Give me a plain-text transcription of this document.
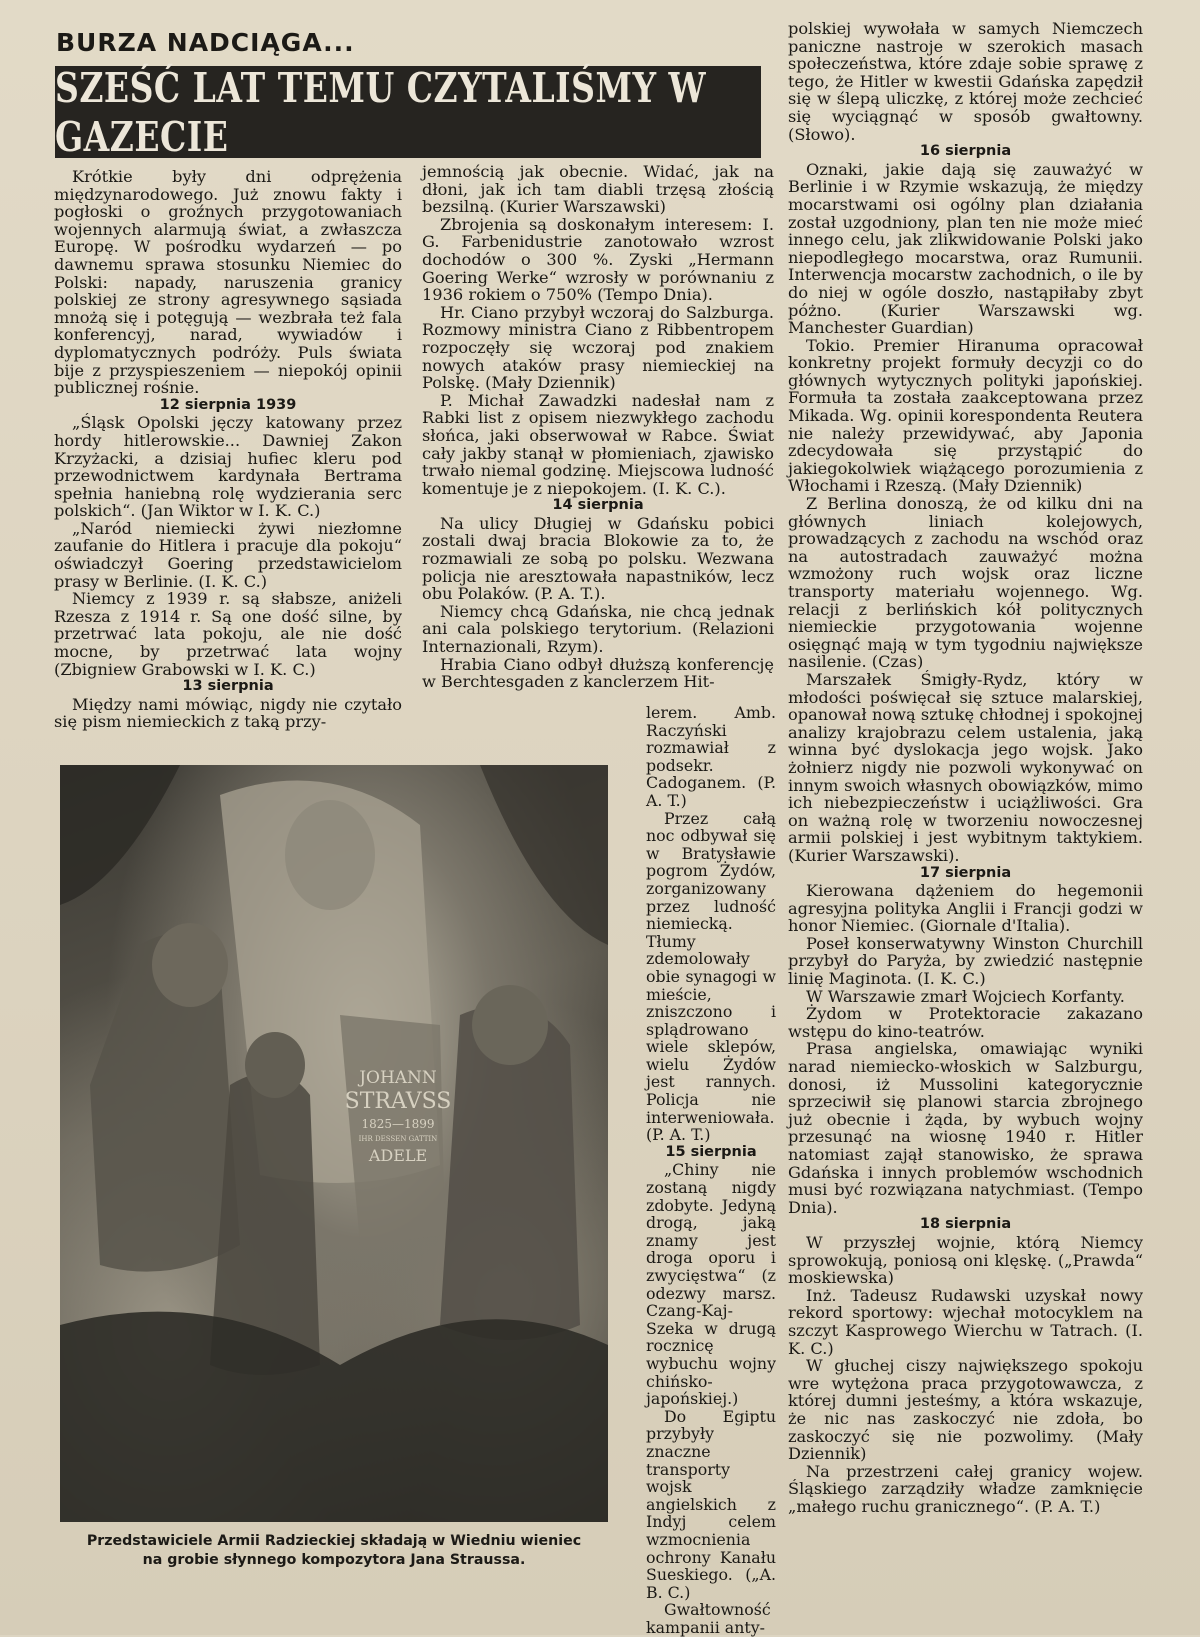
BURZA NADCIĄGA...
SZEŚĆ LAT TEMU CZYTALIŚMY W GAZECIE

Krótkie były dni odprężenia międzynarodowego. Już znowu fakty i pogłoski o groźnych przygotowaniach wojennych alarmują świat, a zwłaszcza Europę. W pośrodku wydarzeń — po dawnemu sprawa stosunku Niemiec do Polski: napady, naruszenia granicy polskiej ze strony agresywnego sąsiada mnożą się i potęgują — wezbrała też fala konferencyj, narad, wywiadów i dyplomatycznych podróży. Puls świata bije z przyspieszeniem — niepokój opinii publicznej rośnie.

12 sierpnia 1939

„Śląsk Opolski jęczy katowany przez hordy hitlerowskie... Dawniej Zakon Krzyżacki, a dzisiaj hufiec kleru pod przewodnictwem kardynała Bertrama spełnia haniebną rolę wydzierania serc polskich“. (Jan Wiktor w I. K. C.)

„Naród niemiecki żywi niezłomne zaufanie do Hitlera i pracuje dla pokoju“ oświadczył Goering przedstawicielom prasy w Berlinie. (I. K. C.)

Niemcy z 1939 r. są słabsze, aniżeli Rzesza z 1914 r. Są one dość silne, by przetrwać lata pokoju, ale nie dość mocne, by przetrwać lata wojny (Zbigniew Grabowski w I. K. C.)

13 sierpnia

Między nami mówiąc, nigdy nie czytało się pism niemieckich z taką przy-

jemnością jak obecnie. Widać, jak na dłoni, jak ich tam diabli trzęsą złością bezsilną. (Kurier Warszawski)

Zbrojenia są doskonałym interesem: I. G. Farbenidustrie zanotowało wzrost dochodów o 300 %. Zyski „Hermann Goering Werke“ wzrosły w porównaniu z 1936 rokiem o 750% (Tempo Dnia).

Hr. Ciano przybył wczoraj do Salzburga. Rozmowy ministra Ciano z Ribbentropem rozpoczęły się wczoraj pod znakiem nowych ataków prasy niemieckiej na Polskę. (Mały Dziennik)

P. Michał Zawadzki nadesłał nam z Rabki list z opisem niezwykłego zachodu słońca, jaki obserwował w Rabce. Świat cały jakby stanął w płomieniach, zjawisko trwało niemal godzinę. Miejscowa ludność komentuje je z niepokojem. (I. K. C.).

14 sierpnia

Na ulicy Długiej w Gdańsku pobici zostali dwaj bracia Blokowie za to, że rozmawiali ze sobą po polsku. Wezwana policja nie aresztowała napastników, lecz obu Polaków. (P. A. T.).

Niemcy chcą Gdańska, nie chcą jednak ani cala polskiego terytorium. (Relazioni Internazionali, Rzym).

Hrabia Ciano odbył dłuższą konferencję w Berchtesgaden z kanclerzem Hit-

lerem. Amb. Raczyński rozmawiał z podsekr. Cadoganem. (P. A. T.)

Przez całą noc odbywał się w Bratysławie pogrom Żydów, zorganizowany przez ludność niemiecką. Tłumy zdemolowały obie synagogi w mieście, zniszczono i splądrowano wiele sklepów, wielu Żydów jest rannych. Policja nie interweniowała. (P. A. T.)

15 sierpnia

„Chiny nie zostaną nigdy zdobyte. Jedyną drogą, jaką znamy jest droga oporu i zwycięstwa“ (z odezwy marsz. Czang-Kaj-Szeka w drugą rocznicę wybuchu wojny chińsko-japońskiej.)

Do Egiptu przybyły znaczne transporty wojsk angielskich z Indyj celem wzmocnienia ochrony Kanału Sueskiego. („A. B. C.)

Gwałtowność kampanii anty-

polskiej wywołała w samych Niemczech paniczne nastroje w szerokich masach społeczeństwa, które zdaje sobie sprawę z tego, że Hitler w kwestii Gdańska zapędził się w ślepą uliczkę, z której może zechcieć się wyciągnąć w sposób gwałtowny. (Słowo).

16 sierpnia

Oznaki, jakie dają się zauważyć w Berlinie i w Rzymie wskazują, że między mocarstwami osi ogólny plan działania został uzgodniony, plan ten nie może mieć innego celu, jak zlikwidowanie Polski jako niepodległego mocarstwa, oraz Rumunii. Interwencja mocarstw zachodnich, o ile by do niej w ogóle doszło, nastąpiłaby zbyt póżno. (Kurier Warszawski wg. Manchester Guardian)

Tokio. Premier Hiranuma opracował konkretny projekt formuły decyzji co do głównych wytycznych polityki japońskiej. Formuła ta została zaakceptowana przez Mikada. Wg. opinii korespondenta Reutera nie należy przewidywać, aby Japonia zdecydowała się przystąpić do jakiegokolwiek wiążącego porozumienia z Włochami i Rzeszą. (Mały Dziennik)

Z Berlina donoszą, że od kilku dni na głównych liniach kolejowych, prowadzących z zachodu na wschód oraz na autostradach zauważyć można wzmożony ruch wojsk oraz liczne transporty materiału wojennego. Wg. relacji z berlińskich kół politycznych niemieckie przygotowania wojenne osięgnąć mają w tym tygodniu największe nasilenie. (Czas)

Marszałek Śmigły-Rydz, który w młodości poświęcał się sztuce malarskiej, opanował nową sztukę chłodnej i spokojnej analizy krajobrazu celem ustalenia, jaką winna być dyslokacja jego wojsk. Jako żołnierz nigdy nie pozwoli wykonywać on innym swoich własnych obowiązków, mimo ich niebezpieczeństw i uciążliwości. Gra on ważną rolę w tworzeniu nowoczesnej armii polskiej i jest wybitnym taktykiem. (Kurier Warszawski).

17 sierpnia

Kierowana dążeniem do hegemonii agresyjna polityka Anglii i Francji godzi w honor Niemiec. (Giornale d'Italia).

Poseł konserwatywny Winston Churchill przybył do Paryża, by zwiedzić następnie linię Maginota. (I. K. C.)

W Warszawie zmarł Wojciech Korfanty.

Żydom w Protektoracie zakazano wstępu do kino-teatrów.

Prasa angielska, omawiając wyniki narad niemiecko-włoskich w Salzburgu, donosi, iż Mussolini kategorycznie sprzeciwił się planowi starcia zbrojnego już obecnie i żąda, by wybuch wojny przesunąć na wiosnę 1940 r. Hitler natomiast zajął stanowisko, że sprawa Gdańska i innych problemów wschodnich musi być rozwiązana natychmiast. (Tempo Dnia).

18 sierpnia

W przyszłej wojnie, którą Niemcy sprowokują, poniosą oni klęskę. („Prawda“ moskiewska)

Inż. Tadeusz Rudawski uzyskał nowy rekord sportowy: wjechał motocyklem na szczyt Kasprowego Wierchu w Tatrach. (I. K. C.)

W głuchej ciszy największego spokoju wre wytężona praca przygotowawcza, z której dumni jesteśmy, a która wskazuje, że nic nas zaskoczyć nie zdoła, bo zaskoczyć się nie pozwolimy. (Mały Dziennik)

Na przestrzeni całej granicy wojew. Śląskiego zarządziły władze zamknięcie „małego ruchu granicznego“. (P. A. T.)

JOHANN
STRAVSS
1825—1899
IHR DESSEN GATTIN
ADELE
Przedstawiciele Armii Radzieckiej składają w Wiedniu wieniec
na grobie słynnego kompozytora Jana Straussa.
